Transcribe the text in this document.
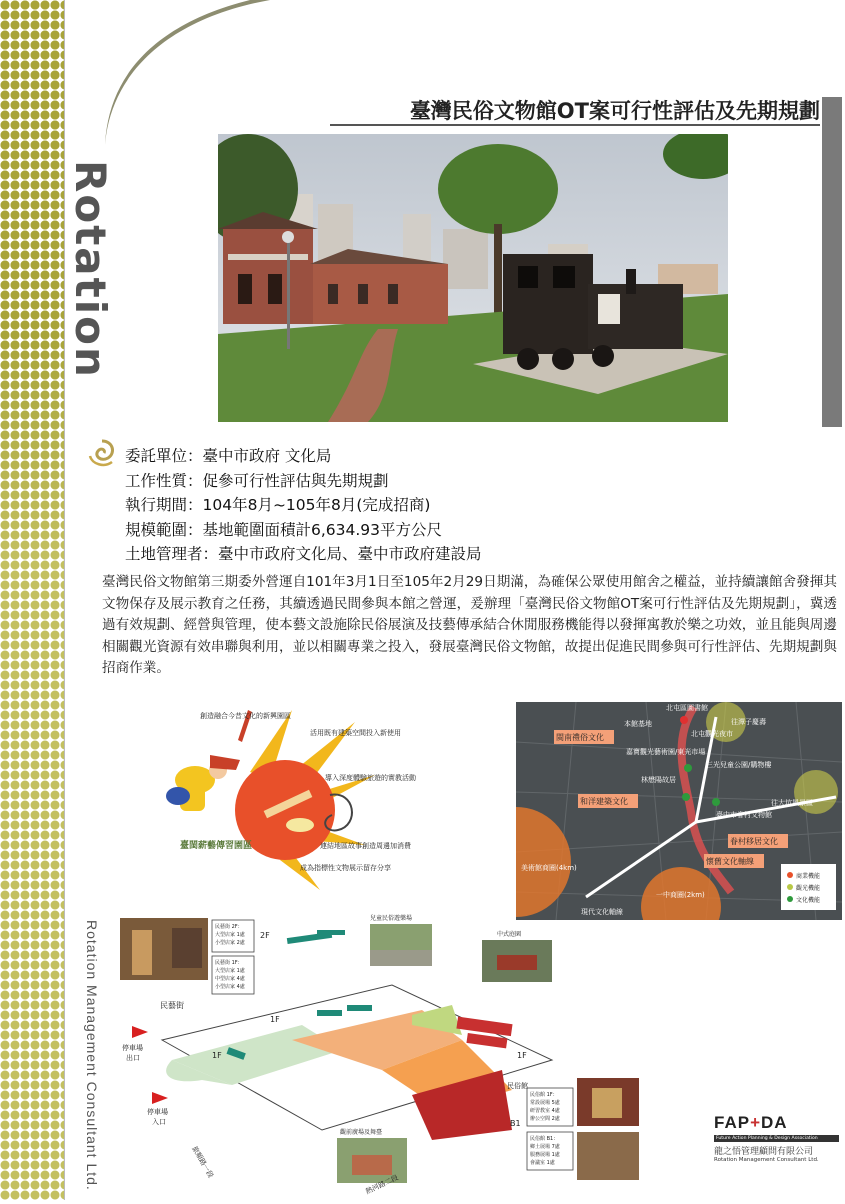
Rotation
臺灣民俗文物館OT案可行性評估及先期規劃
委託單位：臺中市政府 文化局
工作性質：促參可行性評估與先期規劃
執行期間：104年8月~105年8月(完成招商)
規模範圍：基地範圍面積計6,634.93平方公尺
土地管理者：臺中市政府文化局、臺中市政府建設局
臺灣民俗文物館第三期委外營運自101年3月1日至105年2月29日期滿，為確保公眾使用館舍之權益，並持續讓館舍發揮其文物保存及展示教育之任務，其續透過民間參與本館之營運，爰辦理「臺灣民俗文物館OT案可行性評估及先期規劃」，冀透過有效規劃、經營與管理，使本藝文設施除民俗展演及技藝傳承結合休閒服務機能得以發揮寓教於樂之功效，並且能與周邊相關觀光資源有效串聯與利用，並以相關專業之投入，發展臺灣民俗文物館，故提出促進民間參與可行性評估、先期規劃與招商作業。
創造融合今昔文化的新興園區
活用既有建築空間投入新使用
導入深度體驗旅遊的實教活動
連結地區故事創造周邊加消費
成為指標性文物展示留存分享
臺閩薪藝傳習園區
閩南禮俗文化
和洋建築文化
眷村移居文化
懷舊文化軸線
現代文化軸線
北屯區圖書館
本館基地
北屯觀光夜市
嘉寶觀光藝術園/東光市場
三光兒童公園/購物樓
林懋陽故居
臺中市眷村文物館
往潭子慶壽
往大坑風景區
美術館商圈(4km)
一中商圈(2km)
商業機能
觀光機能
文化機能
民藝街
停車場
出口
停車場
入口
民俗館
兒童民俗遊樂場
中式庭園
觀前廣場及舞臺
2F
1F
1F	1F
B1
熱河路二段
旅順路一段
民藝街 2F：
大型店家 1處
小型店家 2處
民藝街 1F：
大型店家 1處
中型店家 4處
小型店家 4處
民俗館 1F：
常設展場 5處
研習教室 4處
辦公空間 2處
民俗館 B1：
鄉土展場 7處
服務展場 1處
會議室 1處
Rotation Management Consultant Ltd.	FAP+DA
Future Action Planning & Design Association
龍之悟管理顧問有限公司
Rotation Management Consultant Ltd.
